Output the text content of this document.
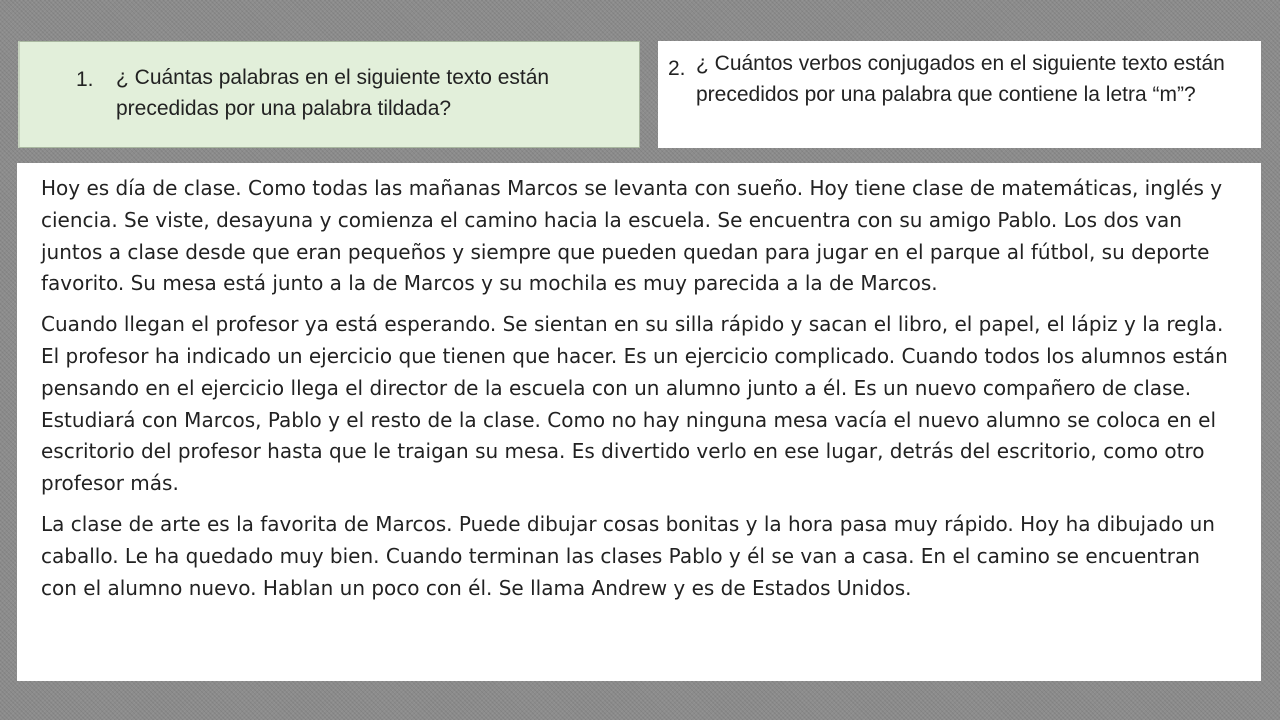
1. ¿ Cuántas palabras en el siguiente texto están precedidas por una palabra tildada?
2. ¿ Cuántos verbos conjugados en el siguiente texto están precedidos por una palabra que contiene la letra “m”?

Hoy es día de clase. Como todas las mañanas Marcos se levanta con sueño. Hoy tiene clase de matemáticas, inglés y ciencia. Se viste, desayuna y comienza el camino hacia la escuela. Se encuentra con su amigo Pablo. Los dos van juntos a clase desde que eran pequeños y siempre que pueden quedan para jugar en el parque al fútbol, su deporte favorito. Su mesa está junto a la de Marcos y su mochila es muy parecida a la de Marcos.

Cuando llegan el profesor ya está esperando. Se sientan en su silla rápido y sacan el libro, el papel, el lápiz y la regla. El profesor ha indicado un ejercicio que tienen que hacer. Es un ejercicio complicado. Cuando todos los alumnos están pensando en el ejercicio llega el director de la escuela con un alumno junto a él. Es un nuevo compañero de clase. Estudiará con Marcos, Pablo y el resto de la clase. Como no hay ninguna mesa vacía el nuevo alumno se coloca en el escritorio del profesor hasta que le traigan su mesa. Es divertido verlo en ese lugar, detrás del escritorio, como otro profesor más.

La clase de arte es la favorita de Marcos. Puede dibujar cosas bonitas y la hora pasa muy rápido. Hoy ha dibujado un caballo. Le ha quedado muy bien. Cuando terminan las clases Pablo y él se van a casa. En el camino se encuentran con el alumno nuevo. Hablan un poco con él. Se llama Andrew y es de Estados Unidos.
